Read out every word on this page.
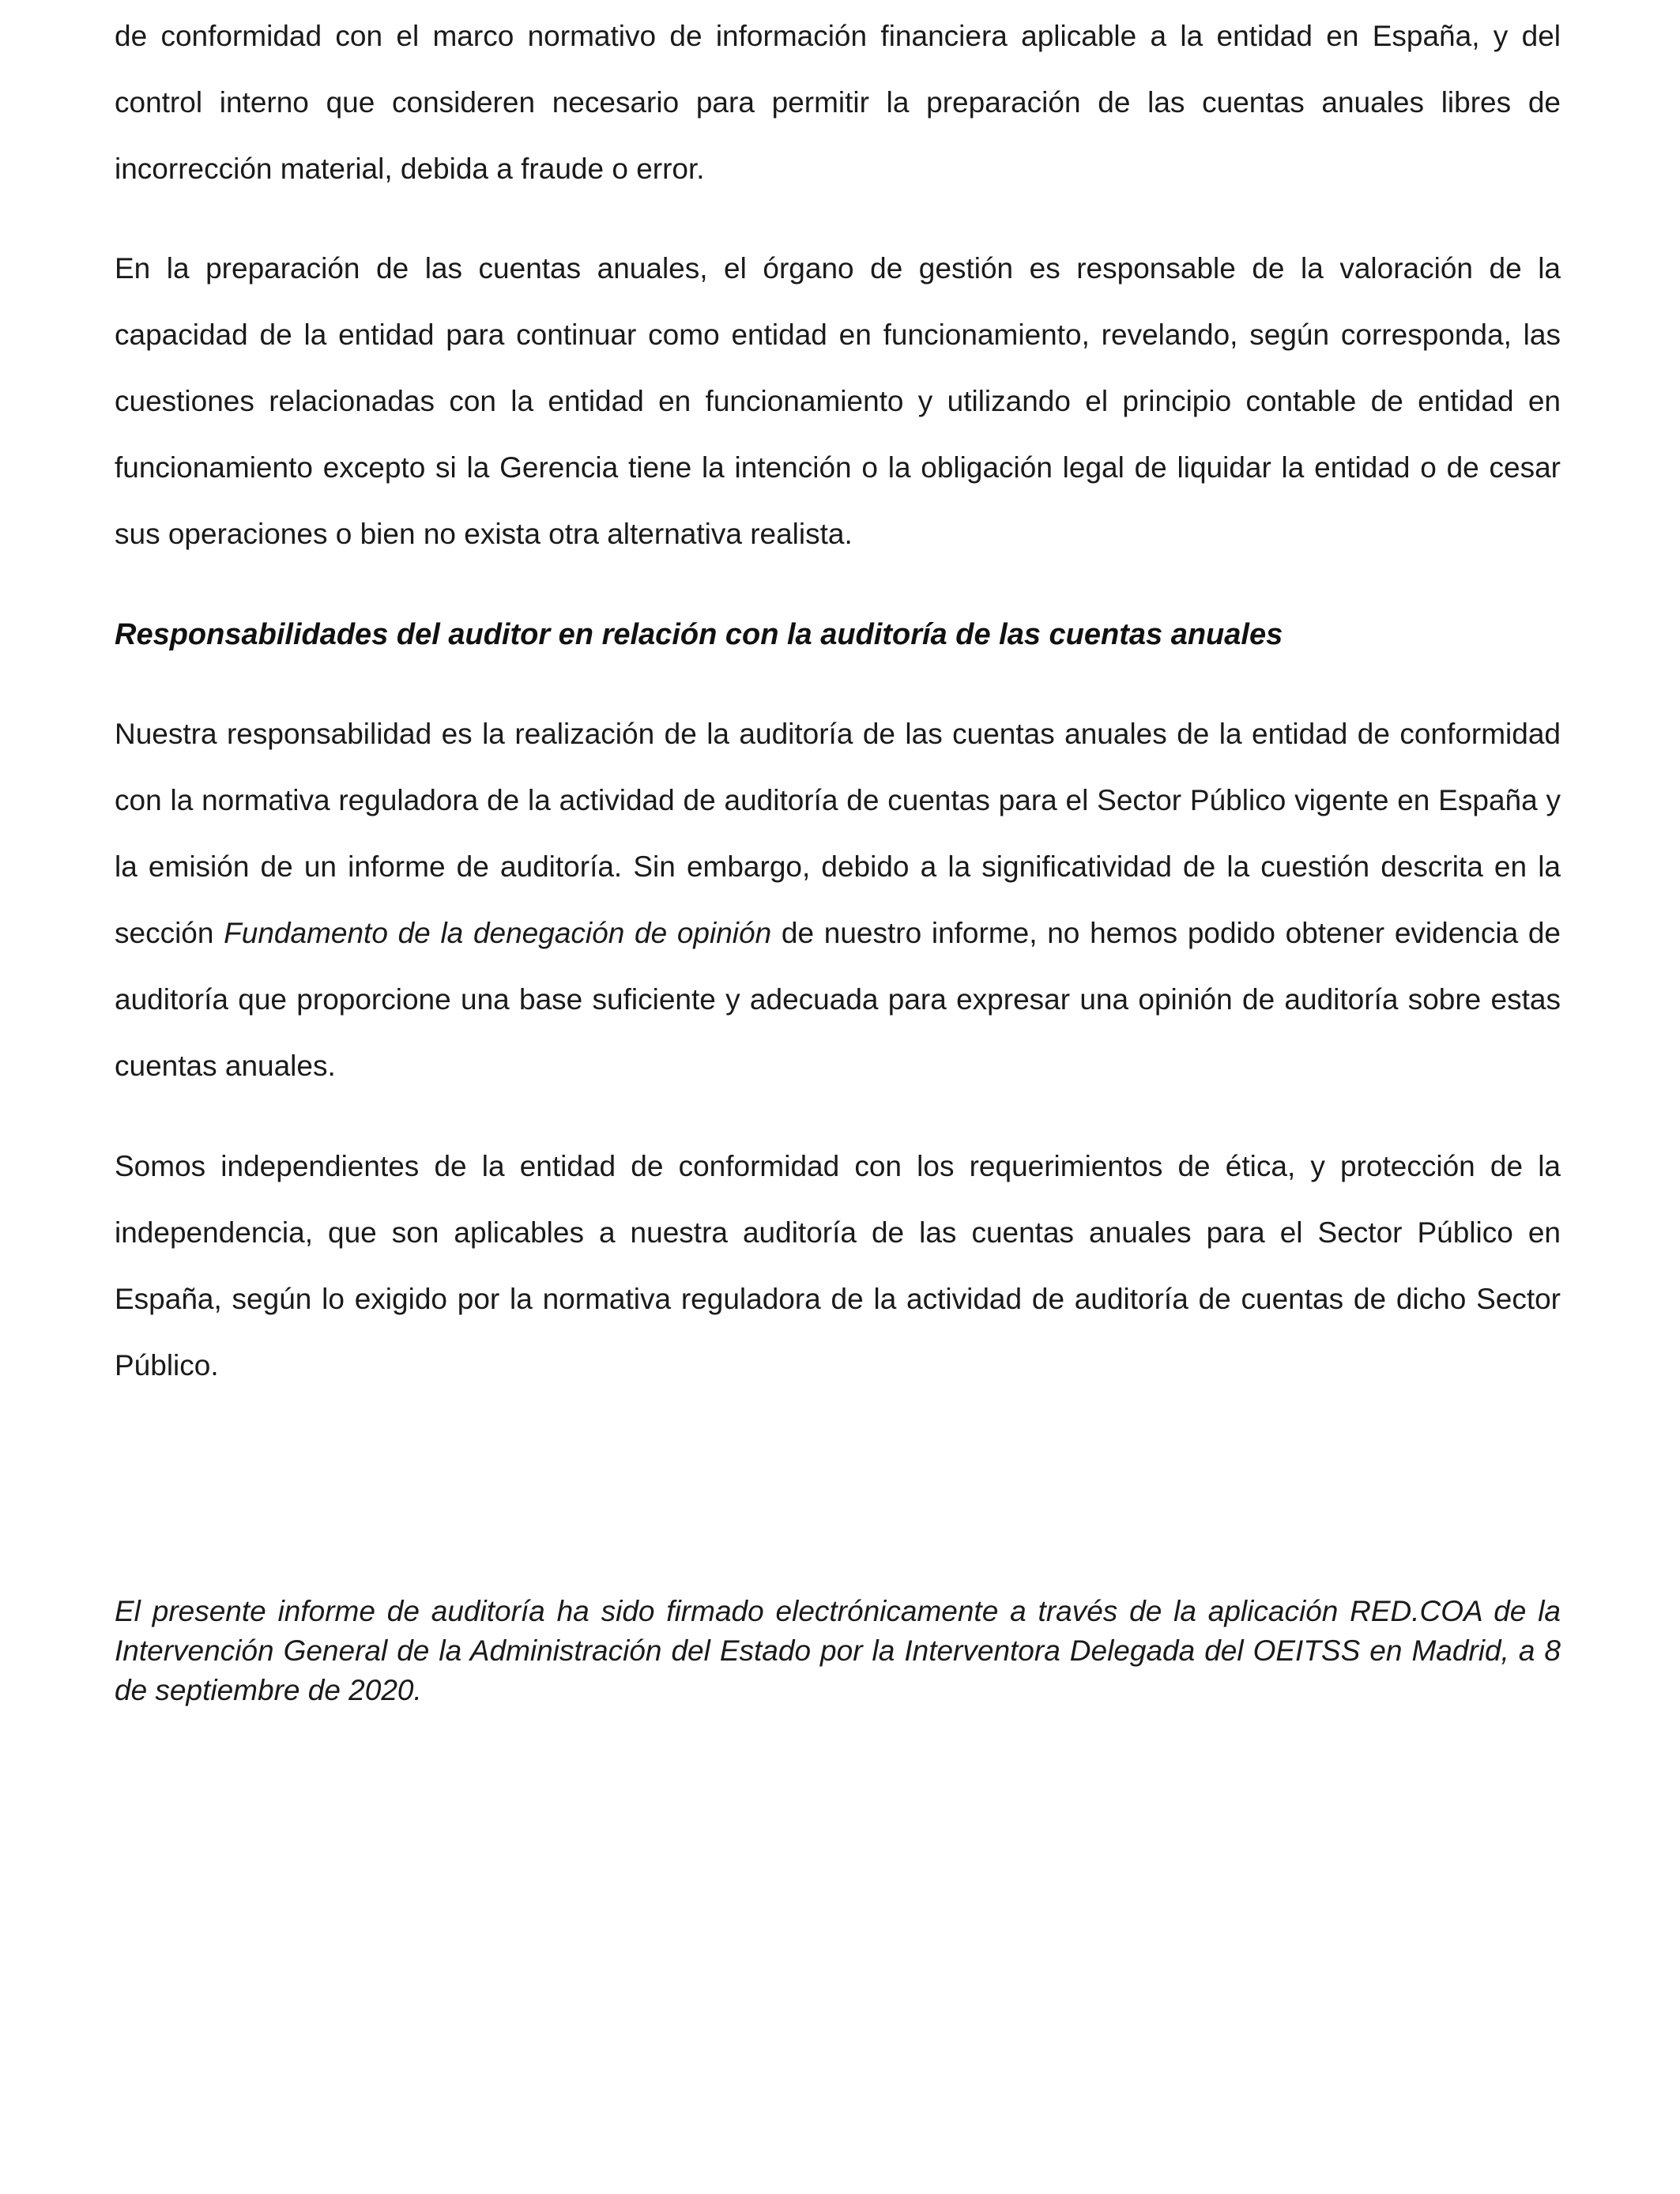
de conformidad con el marco normativo de información financiera aplicable a la entidad en España, y del control interno que consideren necesario para permitir la preparación de las cuentas anuales libres de incorrección material, debida a fraude o error.

En la preparación de las cuentas anuales, el órgano de gestión es responsable de la valoración de la capacidad de la entidad para continuar como entidad en funcionamiento, revelando, según corresponda, las cuestiones relacionadas con la entidad en funcionamiento y utilizando el principio contable de entidad en funcionamiento excepto si la Gerencia tiene la intención o la obligación legal de liquidar la entidad o de cesar sus operaciones o bien no exista otra alternativa realista.

Responsabilidades del auditor en relación con la auditoría de las cuentas anuales

Nuestra responsabilidad es la realización de la auditoría de las cuentas anuales de la entidad de conformidad con la normativa reguladora de la actividad de auditoría de cuentas para el Sector Público vigente en España y la emisión de un informe de auditoría. Sin embargo, debido a la significatividad de la cuestión descrita en la sección Fundamento de la denegación de opinión de nuestro informe, no hemos podido obtener evidencia de auditoría que proporcione una base suficiente y adecuada para expresar una opinión de auditoría sobre estas cuentas anuales.

Somos independientes de la entidad de conformidad con los requerimientos de ética, y protección de la independencia, que son aplicables a nuestra auditoría de las cuentas anuales para el Sector Público en España, según lo exigido por la normativa reguladora de la actividad de auditoría de cuentas de dicho Sector Público.

El presente informe de auditoría ha sido firmado electrónicamente a través de la aplicación RED.COA de la Intervención General de la Administración del Estado por la Interventora Delegada del OEITSS en Madrid, a 8 de septiembre de 2020.
